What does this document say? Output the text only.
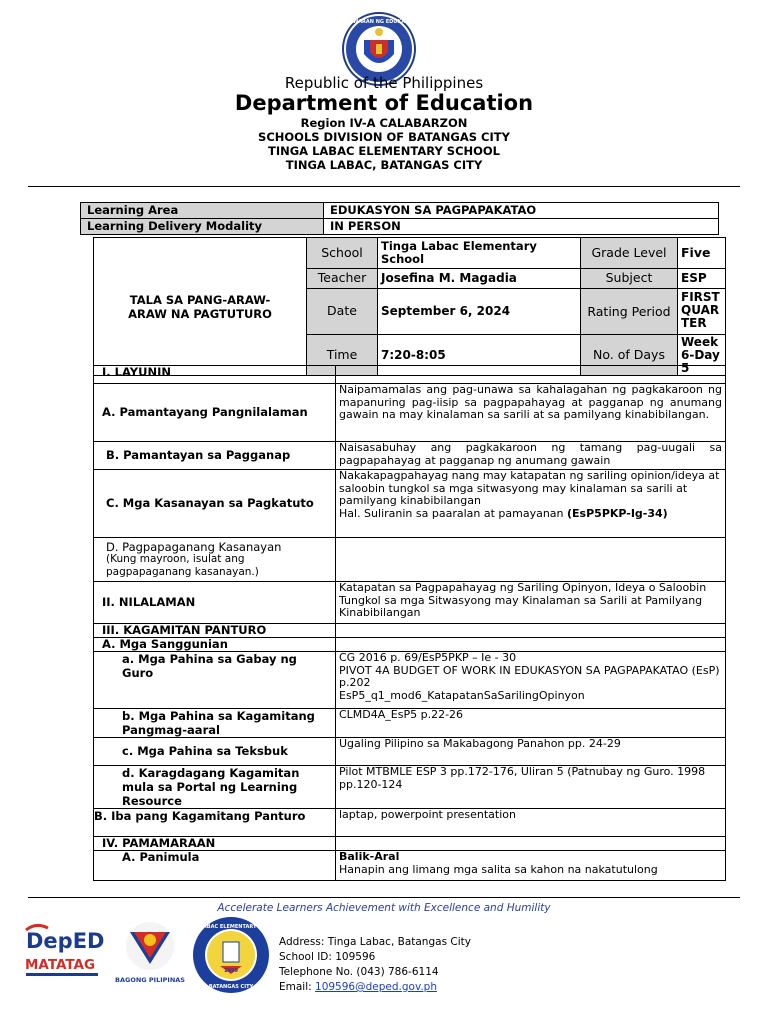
KAGAWARAN NG EDUKASYON
Republic of the Philippines
Department of Education
Region IV-A CALABARZON
SCHOOLS DIVISION OF BATANGAS CITY
TINGA LABAC ELEMENTARY SCHOOL
TINGA LABAC, BATANGAS CITY
Learning Area	EDUKASYON SA PAGPAPAKATAO
Learning Delivery Modality	IN PERSON
TALA SA PANG-ARAW-ARAW NA PAGTUTURO	School	Tinga Labac Elementary School	Grade Level	Five
	Teacher	Josefina M. Magadia	Subject	ESP
	Date	September 6, 2024	Rating Period	FIRST QUARTER
	Time	7:20-8:05	No. of Days	Week 6-Day 5
I. LAYUNIN	
A. Pamantayang Pangnilalaman	Naipamamalas ang pag-unawa sa kahalagahan ng pagkakaroon ng mapanuring pag-iisip sa pagpapahayag at pagganap ng anumang gawain na may kinalaman sa sarili at sa pamilyang kinabibilangan.
B. Pamantayan sa Pagganap	Naisasabuhay ang pagkakaroon ng tamang pag-uugali sa pagpapahayag at pagganap ng anumang gawain
C. Mga Kasanayan sa Pagkatuto	Nakakapagpahayag nang may katapatan ng sariling opinion/ideya at saloobin tungkol sa mga sitwasyong may kinalaman sa sarili at pamilyang kinabibilangan
Hal. Suliranin sa paaralan at pamayanan (EsP5PKP-Ig-34)

D. Pagpapaganang Kasanayan
(Kung mayroon, isulat ang pagpapaganang kasanayan.)	

II. NILALAMAN	Katapatan sa Pagpapahayag ng Sariling Opinyon, Ideya o Saloobin Tungkol sa mga Sitwasyong may Kinalaman sa Sarili at Pamilyang Kinabibilangan
III. KAGAMITAN PANTURO	
A. Mga Sanggunian	
a. Mga Pahina sa Gabay ng Guro	CG 2016 p. 69/EsP5PKP – Ie - 30
PIVOT 4A BUDGET OF WORK IN EDUKASYON SA PAGPAPAKATAO (EsP) p.202
EsP5_q1_mod6_KatapatanSaSarilingOpinyon
b. Mga Pahina sa Kagamitang Pangmag-aaral	CLMD4A_EsP5 p.22-26
c. Mga Pahina sa Teksbuk	Ugaling Pilipino sa Makabagong Panahon pp. 24-29
d. Karagdagang Kagamitan mula sa Portal ng Learning Resource	Pilot MTBMLE ESP 3 pp.172-176, Uliran 5 (Patnubay ng Guro. 1998 pp.120-124
B. Iba pang Kagamitang Panturo	laptap, powerpoint presentation
IV. PAMAMARAAN	
A. Panimula	Balik-Aral
Hanapin ang limang mga salita sa kahon na nakatutulong
Accelerate Learners Achievement with Excellence and Humility
DepED
MATATAG
BAGONG PILIPINAS
TINGA LABAC ELEMENTARY SCHOOL
1999
BATANGAS CITY
Address: Tinga Labac, Batangas City
School ID: 109596
Telephone No. (043) 786-6114
Email: 109596@deped.gov.ph
